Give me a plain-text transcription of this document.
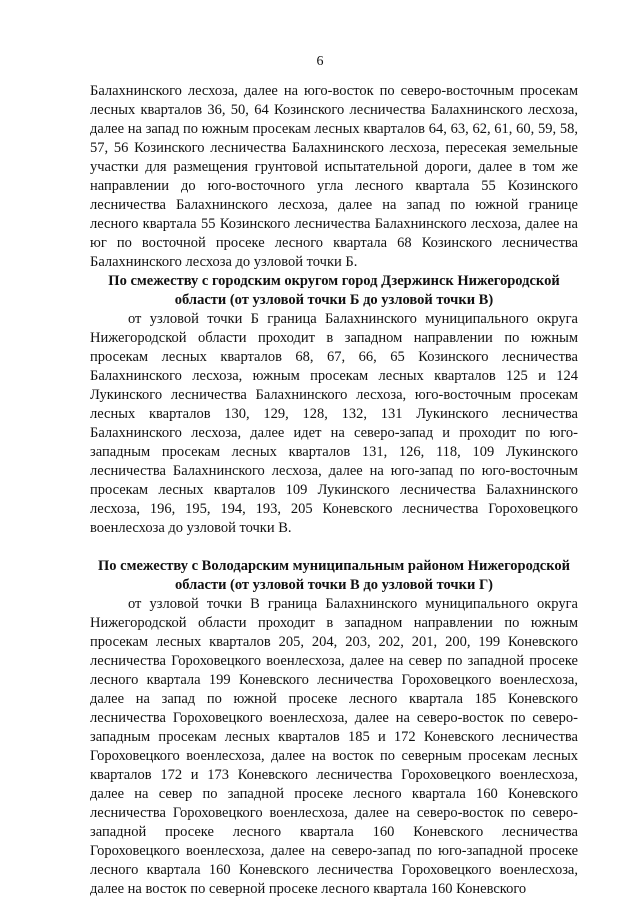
6

Балахнинского лесхоза, далее на юго-восток по северо-восточным просекам лесных кварталов 36, 50, 64 Козинского лесничества Балахнинского лесхоза, далее на запад по южным просекам лесных кварталов 64, 63, 62, 61, 60, 59, 58, 57, 56 Козинского лесничества Балахнинского лесхоза, пересекая земельные участки для размещения грунтовой испытательной дороги, далее в том же направлении до юго-восточного угла лесного квартала 55 Козинского лесничества Балахнинского лесхоза, далее на запад по южной границе лесного квартала 55 Козинского лесничества Балахнинского лесхоза, далее на юг по восточной просеке лесного квартала 68 Козинского лесничества Балахнинского лесхоза до узловой точки Б.

По смежеству с городским округом город Дзержинск Нижегородской
области (от узловой точки Б до узловой точки В)

от узловой точки Б граница Балахнинского муниципального округа Нижегородской области проходит в западном направлении по южным просекам лесных кварталов 68, 67, 66, 65 Козинского лесничества Балахнинского лесхоза, южным просекам лесных кварталов 125 и 124 Лукинского лесничества Балахнинского лесхоза, юго-восточным просекам лесных кварталов 130, 129, 128, 132, 131 Лукинского лесничества Балахнинского лесхоза, далее идет на северо-запад и проходит по юго-западным просекам лесных кварталов 131, 126, 118, 109 Лукинского лесничества Балахнинского лесхоза, далее на юго-запад по юго-восточным просекам лесных кварталов 109 Лукинского лесничества Балахнинского лесхоза, 196, 195, 194, 193, 205 Коневского лесничества Гороховецкого военлесхоза до узловой точки В.

По смежеству с Володарским муниципальным районом Нижегородской
области (от узловой точки В до узловой точки Г)

от узловой точки В граница Балахнинского муниципального округа Нижегородской области проходит в западном направлении по южным просекам лесных кварталов 205, 204, 203, 202, 201, 200, 199 Коневского лесничества Гороховецкого военлесхоза, далее на север по западной просеке лесного квартала 199 Коневского лесничества Гороховецкого военлесхоза, далее на запад по южной просеке лесного квартала 185 Коневского лесничества Гороховецкого военлесхоза, далее на северо-восток по северо-западным просекам лесных кварталов 185 и 172 Коневского лесничества Гороховецкого военлесхоза, далее на восток по северным просекам лесных кварталов 172 и 173 Коневского лесничества Гороховецкого военлесхоза, далее на север по западной просеке лесного квартала 160 Коневского лесничества Гороховецкого военлесхоза, далее на северо-восток по северо-западной просеке лесного квартала 160 Коневского лесничества Гороховецкого военлесхоза, далее на северо-запад по юго-западной просеке лесного квартала 160 Коневского лесничества Гороховецкого военлесхоза, далее на восток по северной просеке лесного квартала 160 Коневского
